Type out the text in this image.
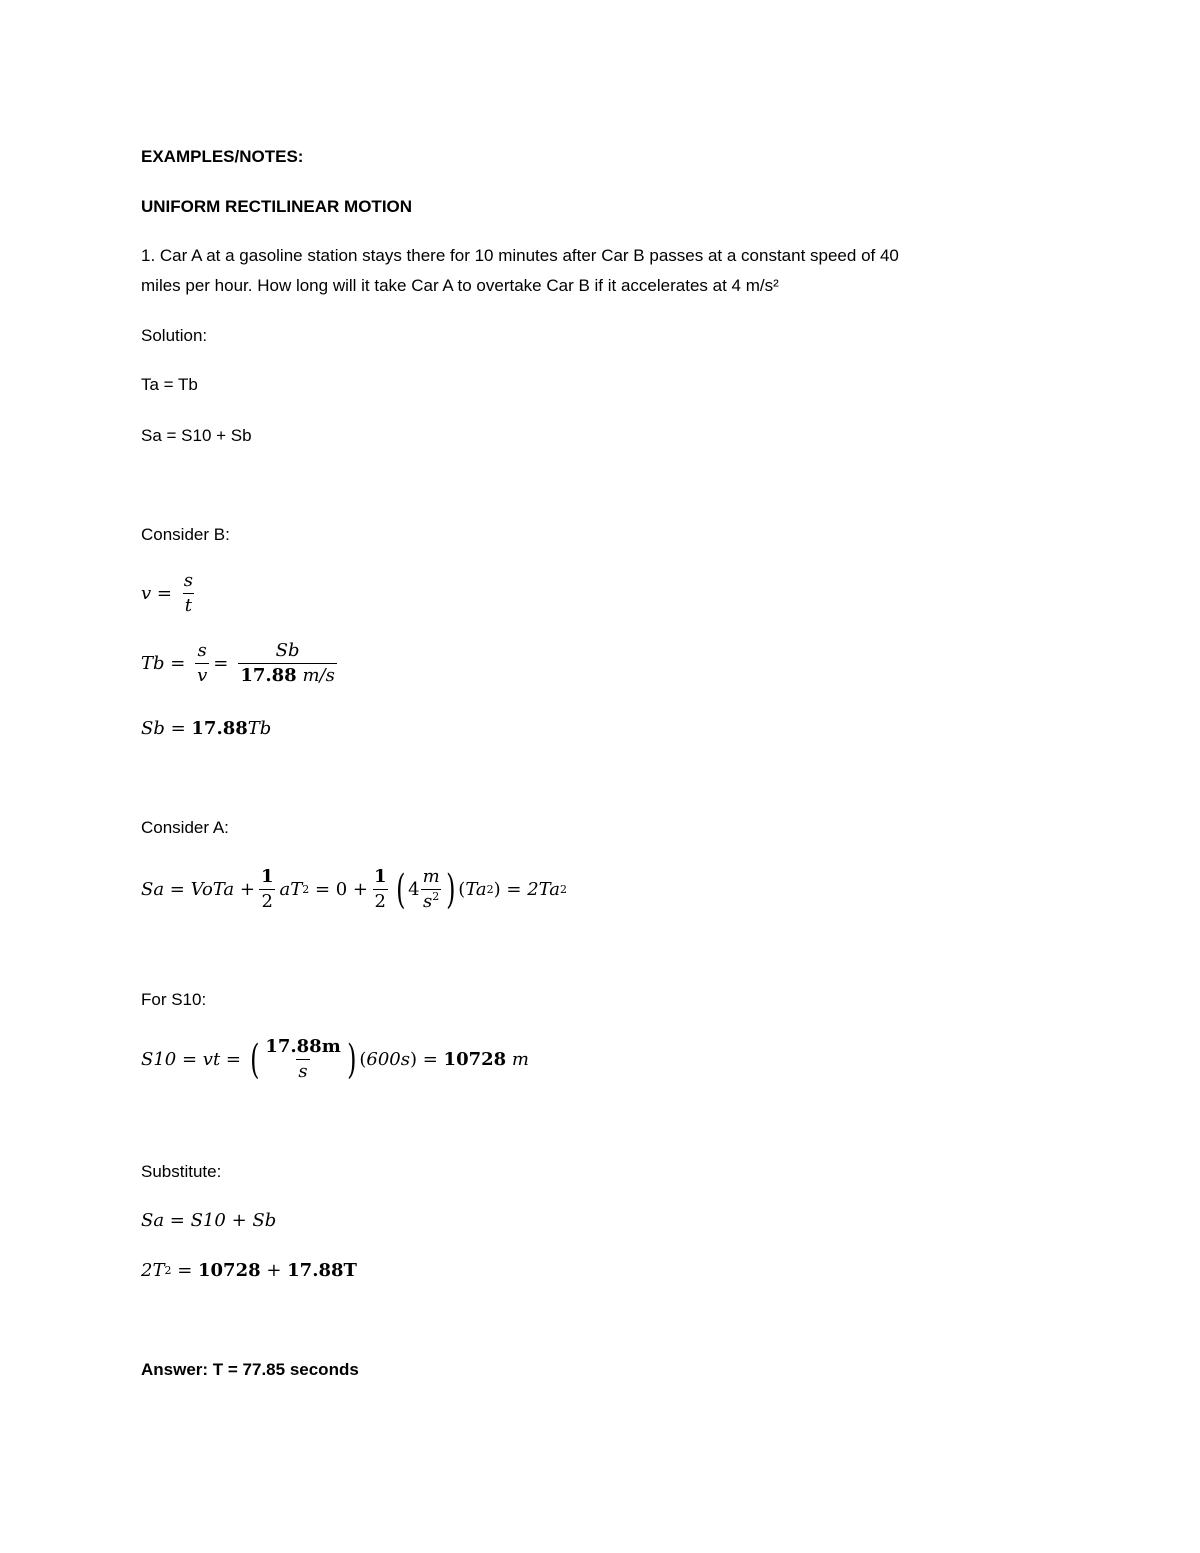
EXAMPLES/NOTES:

UNIFORM RECTILINEAR MOTION

1. Car A at a gasoline station stays there for 10 minutes after Car B passes at a constant speed of 40

miles per hour. How long will it take Car A to overtake Car B if it accelerates at 4 m/s²

Solution:

Ta = Tb

Sa = S10 + Sb

Consider B:

$v = \frac{s}{t}$
$Tb = \frac{s}{v} = \frac{Sb}{17.88 m/s}$
Sb = 17.88 Tb

Consider A:

Sa = VoTa + $\frac{1}{2}$ aT $2 = 0 + \frac{1}{2}$ ( $4 \frac{m}{s^2}$ ) ( Ta 2 ) = 2Ta 2

For S10:

S10 = vt = ( $\frac{17.88m}{s}$ ) ( 600s ) = 10728
m

Substitute:

Sa = S10 + Sb
2T 2 = 10728 + 17.88T

Answer: T = 77.85 seconds
